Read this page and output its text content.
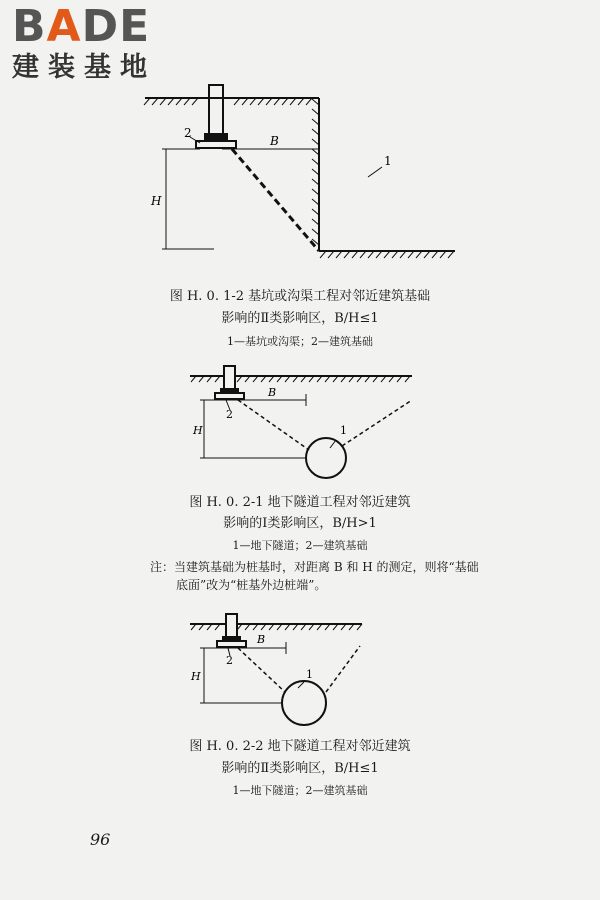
BADE
建装基地
B
H
2
1
图 H. 0. 1-2 基坑或沟渠工程对邻近建筑基础
影响的Ⅱ类影响区，B/H≤1
1—基坑或沟渠；2—建筑基础
B
H
2
1
图 H. 0. 2-1 地下隧道工程对邻近建筑
影响的Ⅰ类影响区，B/H>1
1—地下隧道；2—建筑基础
注：当建筑基础为桩基时，对距离 B 和 H 的测定，则将“基础
底面”改为“桩基外边桩端”。
B
H
2
1
图 H. 0. 2-2 地下隧道工程对邻近建筑
影响的Ⅱ类影响区，B/H≤1
1—地下隧道；2—建筑基础
96
